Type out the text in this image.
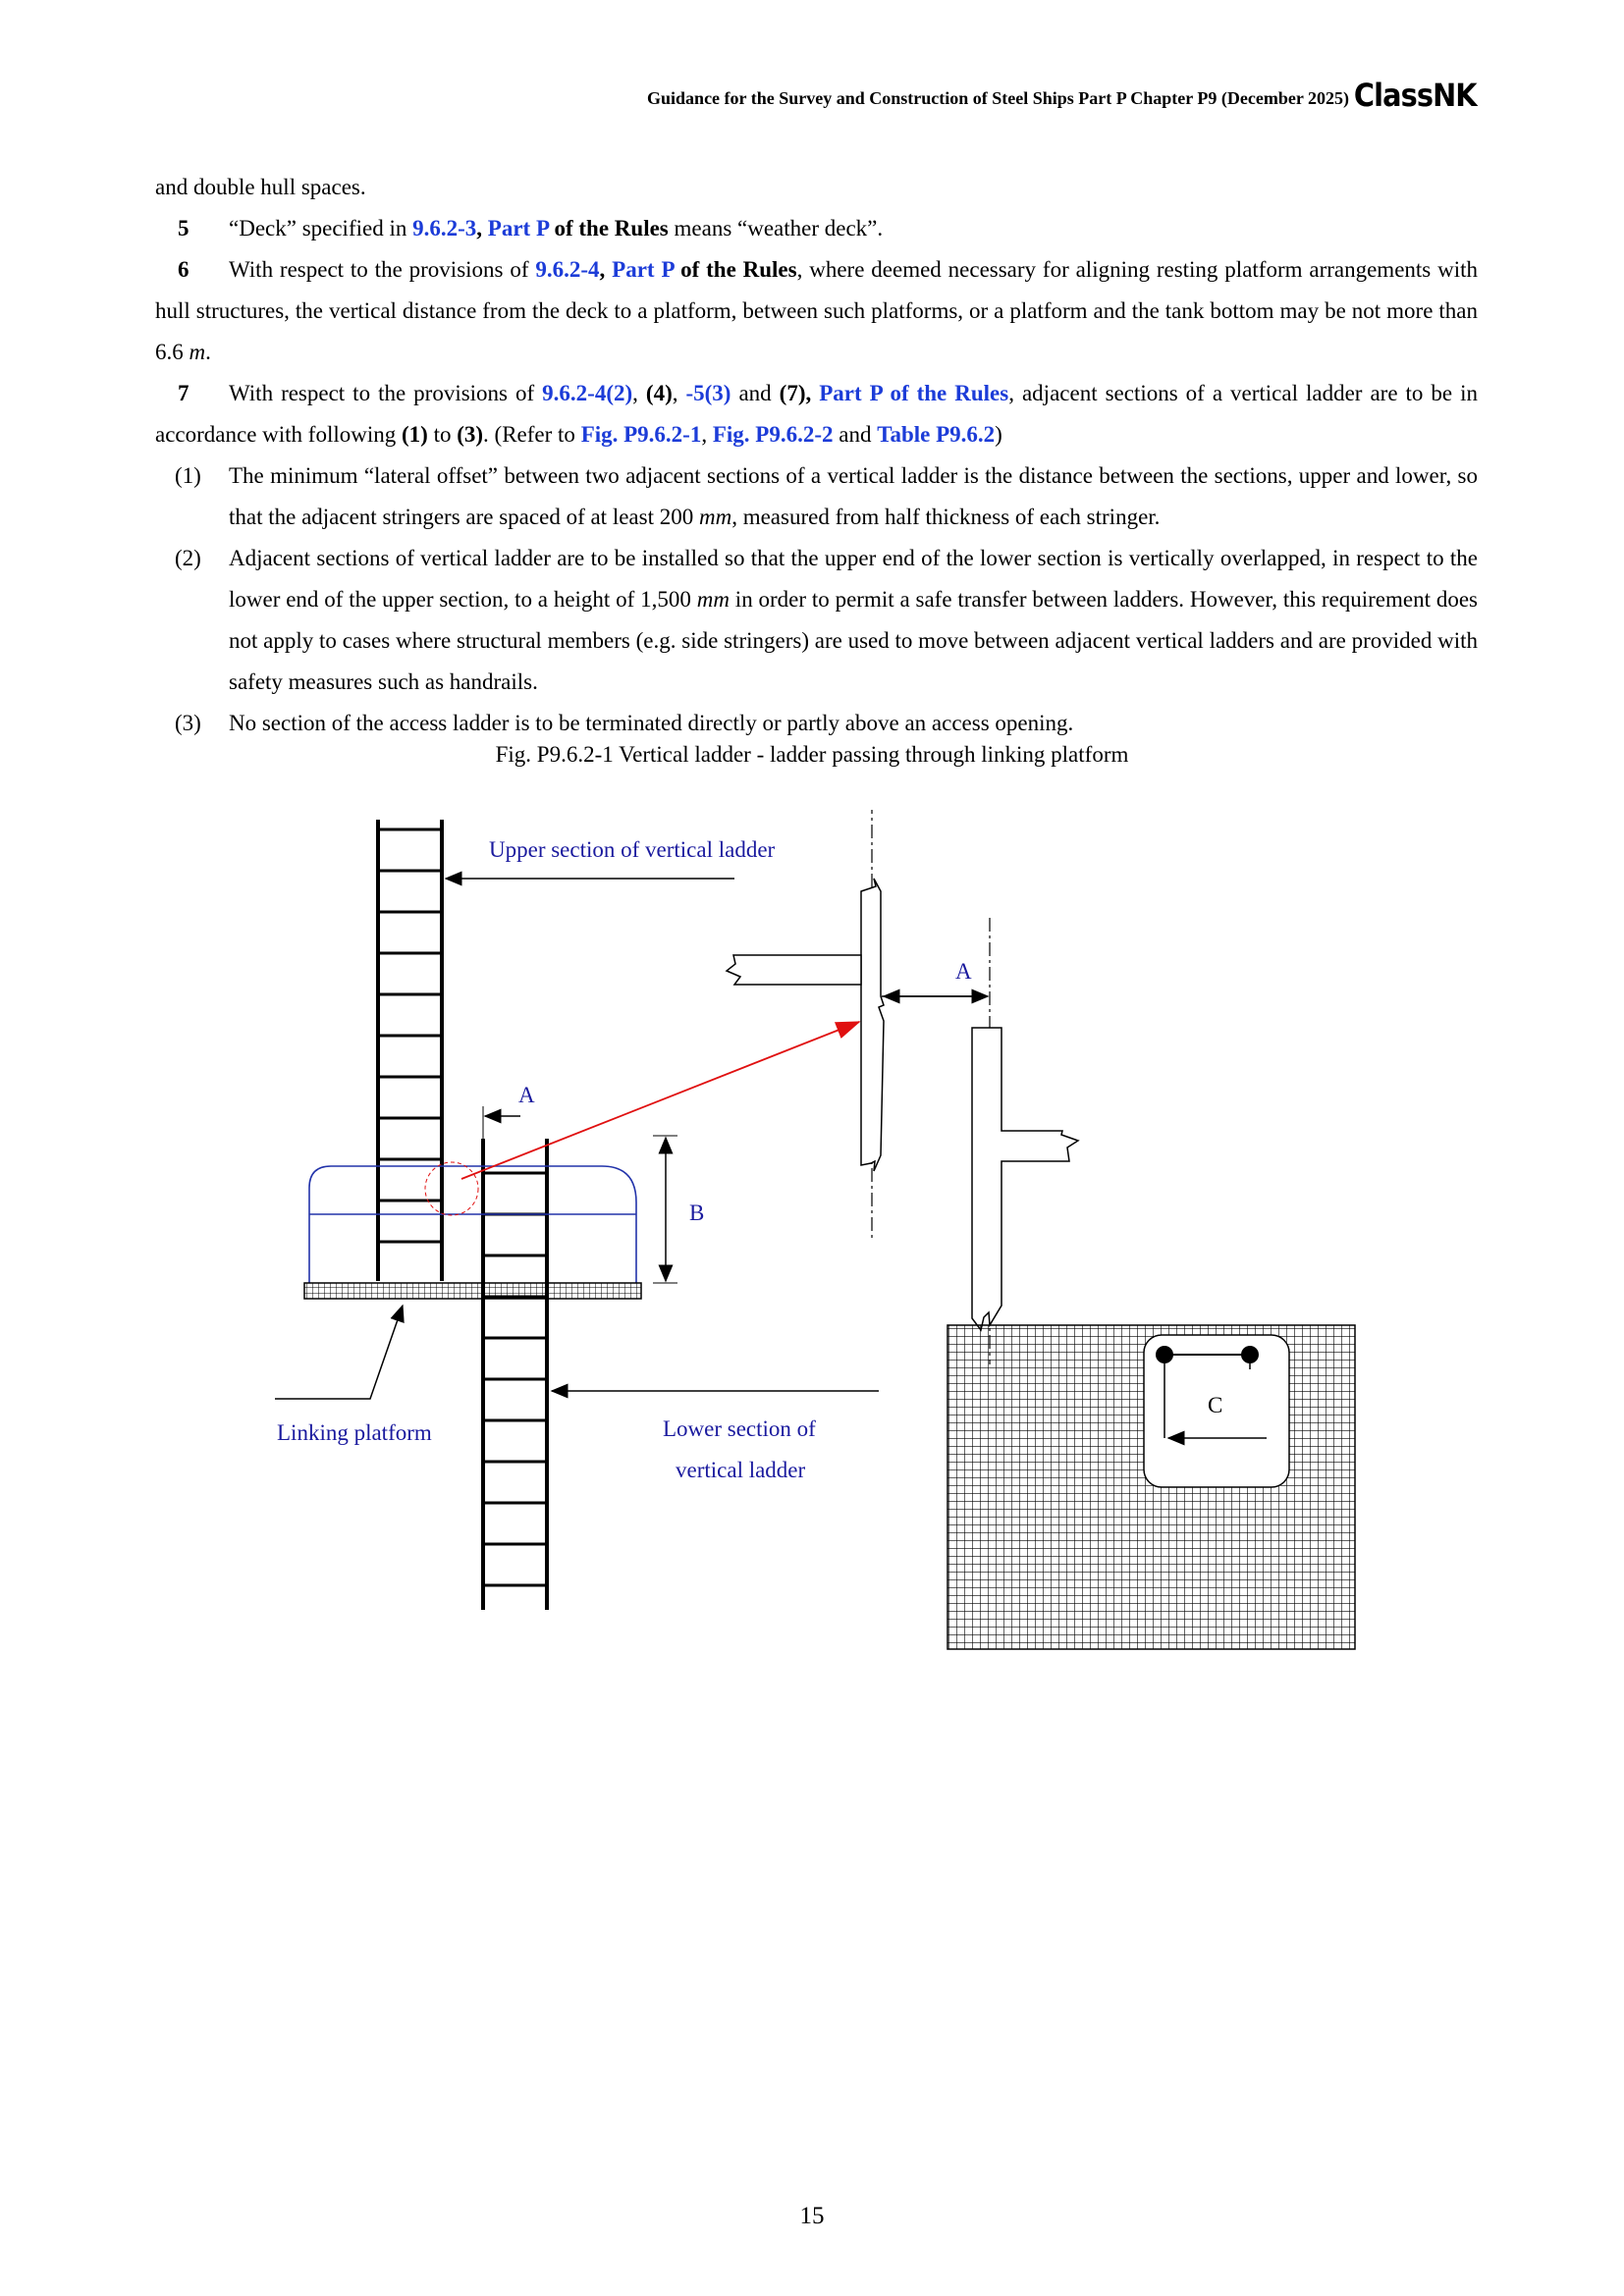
Guidance for the Survey and Construction of Steel Ships Part P Chapter P9 (December 2025) ClassNK

and double hull spaces.

5 “Deck” specified in 9.6.2-3, Part P of the Rules means “weather deck”.

6 With respect to the provisions of 9.6.2-4, Part P of the Rules, where deemed necessary for aligning resting platform arrangements with hull structures, the vertical distance from the deck to a platform, between such platforms, or a platform and the tank bottom may be not more than 6.6 m.

7 With respect to the provisions of 9.6.2-4(2), (4), -5(3) and (7), Part P of the Rules, adjacent sections of a vertical ladder are to be in accordance with following (1) to (3). (Refer to Fig. P9.6.2-1, Fig. P9.6.2-2 and Table P9.6.2)

(1) The minimum “lateral offset” between two adjacent sections of a vertical ladder is the distance between the sections, upper and lower, so that the adjacent stringers are spaced of at least 200 mm, measured from half thickness of each stringer.
(2) Adjacent sections of vertical ladder are to be installed so that the upper end of the lower section is vertically overlapped, in respect to the lower end of the upper section, to a height of 1,500 mm in order to permit a safe transfer between ladders. However, this requirement does not apply to cases where structural members (e.g. side stringers) are used to move between adjacent vertical ladders and are provided with safety measures such as handrails.
(3) No section of the access ladder is to be terminated directly or partly above an access opening.
Fig. P9.6.2-1 Vertical ladder - ladder passing through linking platform
Upper section of vertical ladder
A
A
B
C
Linking platform	Lower section of
vertical ladder
15
